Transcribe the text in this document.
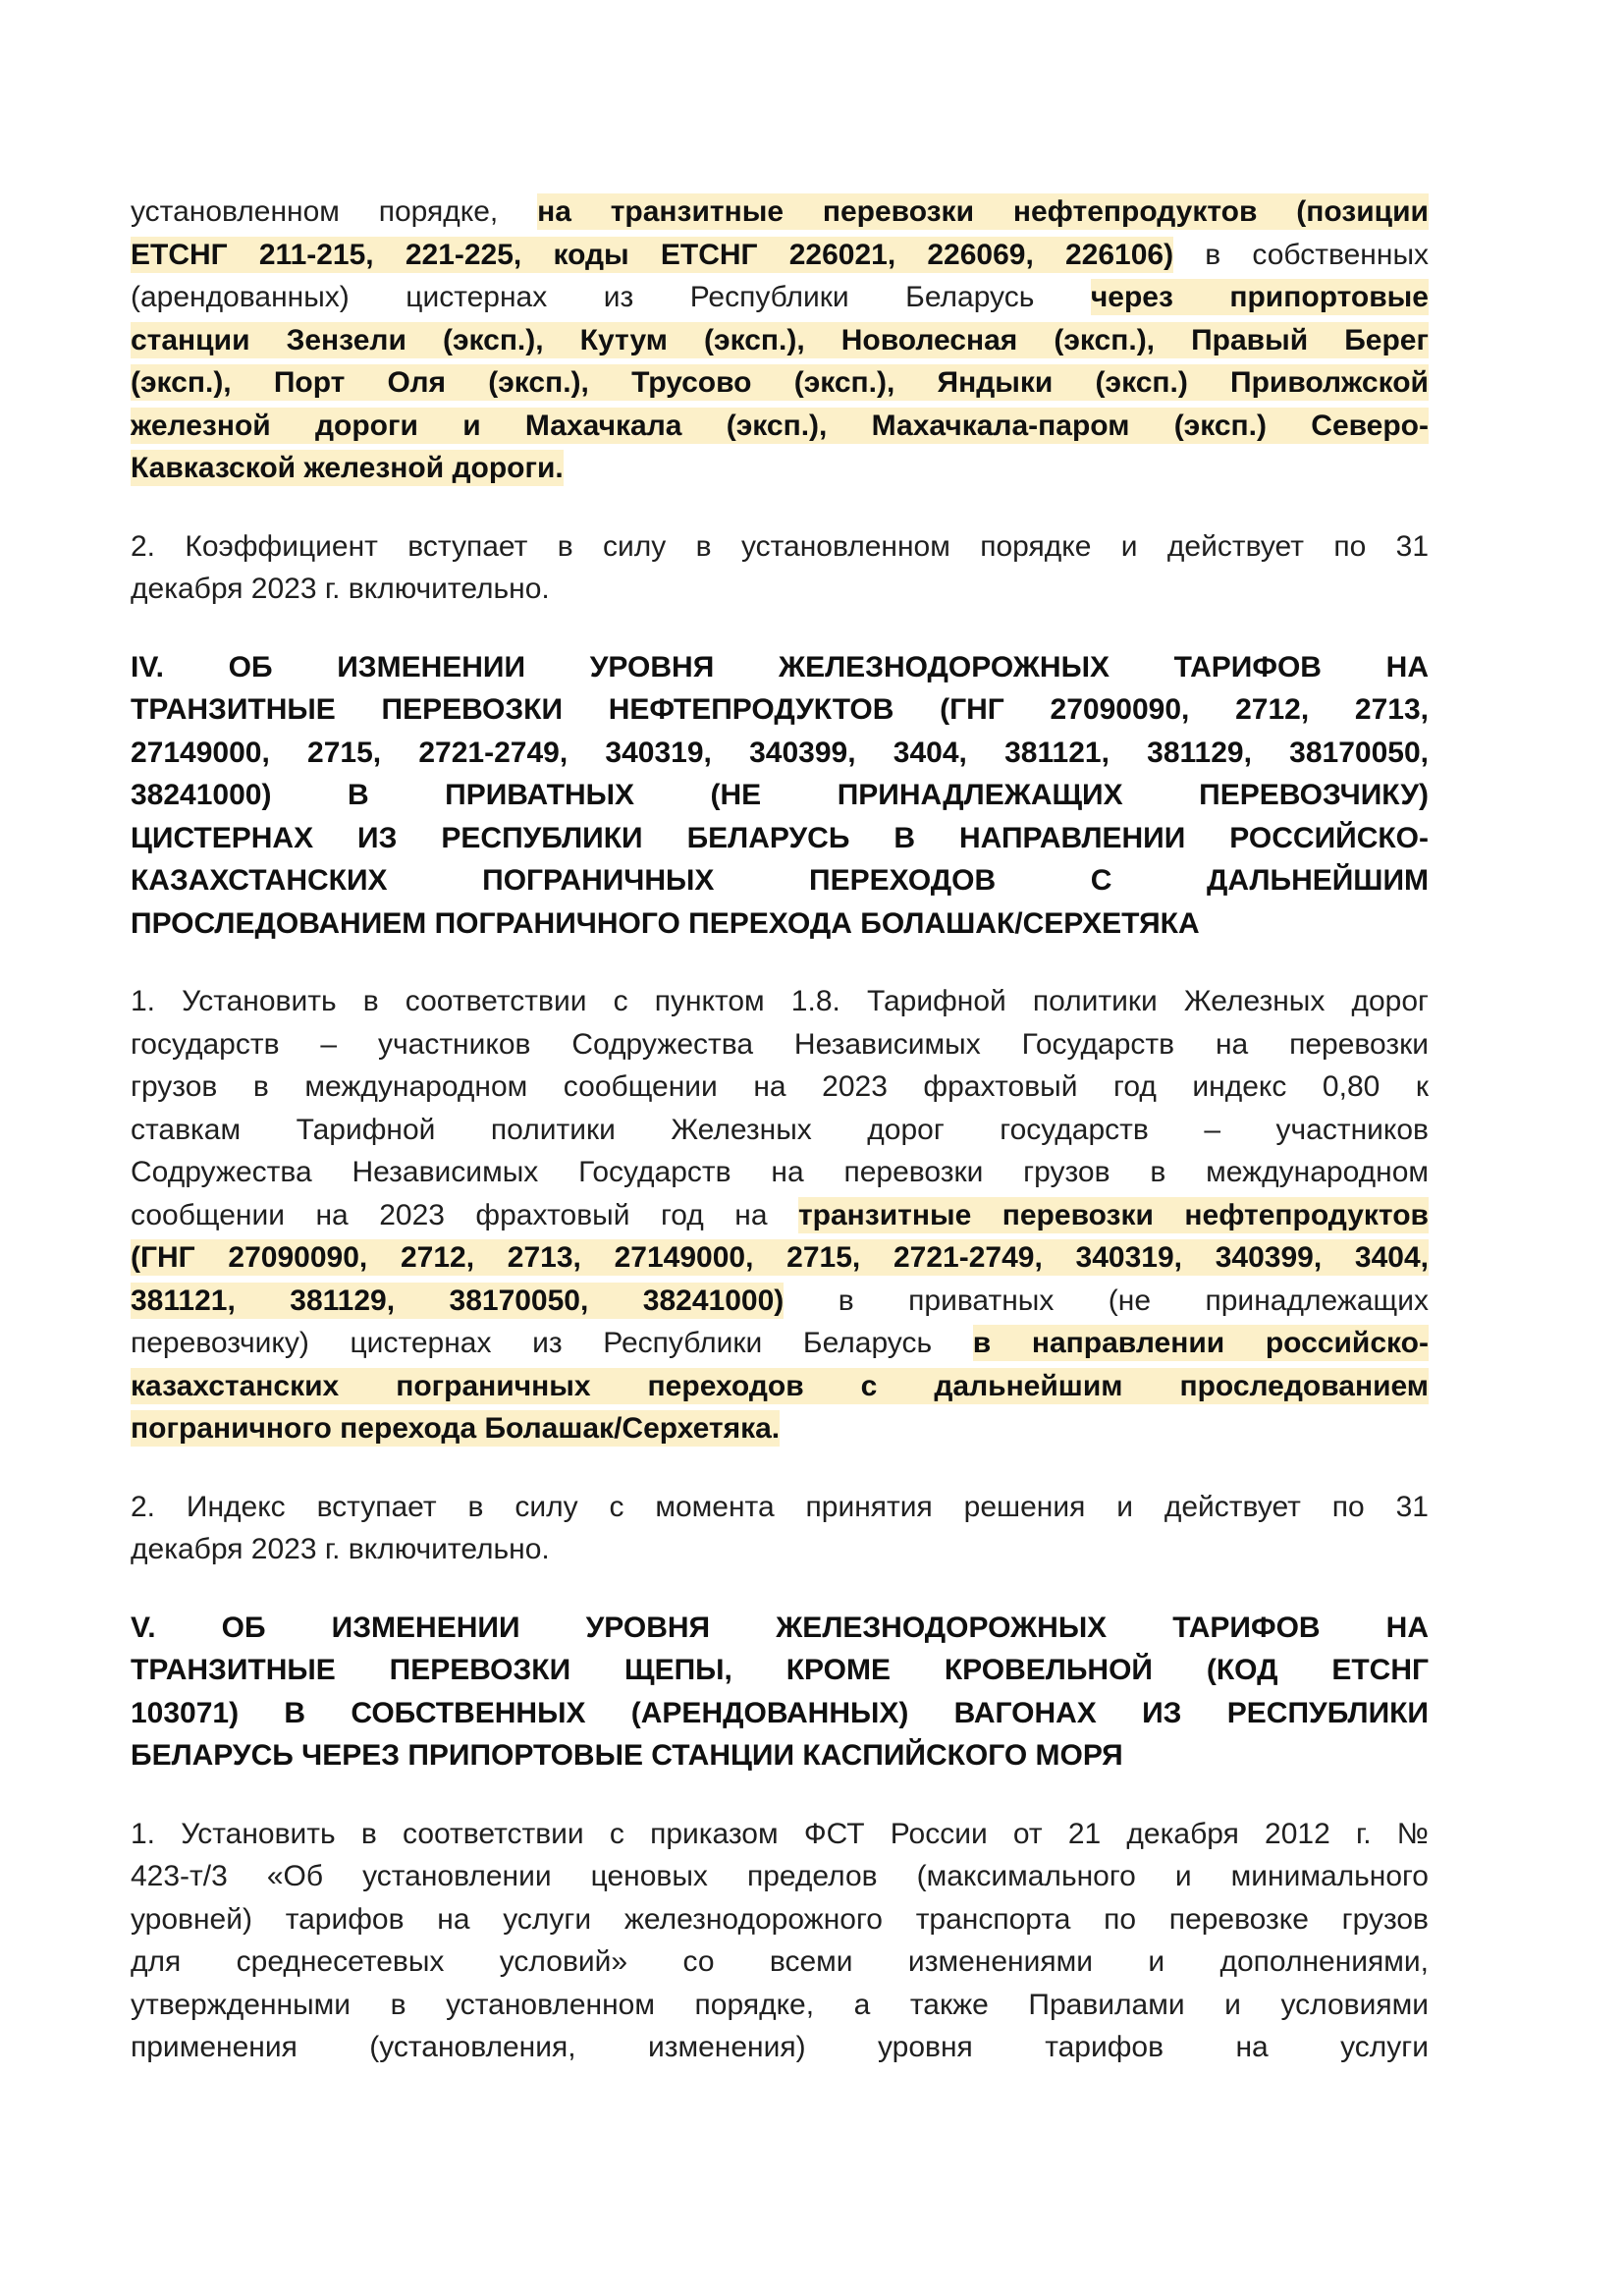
установленном порядке, на транзитные перевозки нефтепродуктов (позиции
ЕТСНГ 211-215, 221-225, коды ЕТСНГ 226021, 226069, 226106) в собственных
(арендованных) цистернах из Республики Беларусь через припортовые
станции Зензели (эксп.), Кутум (эксп.), Новолесная (эксп.), Правый Берег
(эксп.), Порт Оля (эксп.), Трусово (эксп.), Яндыки (эксп.) Приволжской
железной дороги и Махачкала (эксп.), Махачкала-паром (эксп.) Северо-
Кавказской железной дороги.
2. Коэффициент вступает в силу в установленном порядке и действует по 31
декабря 2023 г. включительно.
IV. ОБ ИЗМЕНЕНИИ УРОВНЯ ЖЕЛЕЗНОДОРОЖНЫХ ТАРИФОВ НА
ТРАНЗИТНЫЕ ПЕРЕВОЗКИ НЕФТЕПРОДУКТОВ (ГНГ 27090090, 2712, 2713,
27149000, 2715, 2721-2749, 340319, 340399, 3404, 381121, 381129, 38170050,
38241000) В ПРИВАТНЫХ (НЕ ПРИНАДЛЕЖАЩИХ ПЕРЕВОЗЧИКУ)
ЦИСТЕРНАХ ИЗ РЕСПУБЛИКИ БЕЛАРУСЬ В НАПРАВЛЕНИИ РОССИЙСКО-
КАЗАХСТАНСКИХ ПОГРАНИЧНЫХ ПЕРЕХОДОВ С ДАЛЬНЕЙШИМ
ПРОСЛЕДОВАНИЕМ ПОГРАНИЧНОГО ПЕРЕХОДА БОЛАШАК/СЕРХЕТЯКА
1. Установить в соответствии с пунктом 1.8. Тарифной политики Железных дорог
государств – участников Содружества Независимых Государств на перевозки
грузов в международном сообщении на 2023 фрахтовый год индекс 0,80 к
ставкам Тарифной политики Железных дорог государств – участников
Содружества Независимых Государств на перевозки грузов в международном
сообщении на 2023 фрахтовый год на транзитные перевозки нефтепродуктов
(ГНГ 27090090, 2712, 2713, 27149000, 2715, 2721-2749, 340319, 340399, 3404,
381121, 381129, 38170050, 38241000) в приватных (не принадлежащих
перевозчику) цистернах из Республики Беларусь в направлении российско-
казахстанских пограничных переходов с дальнейшим проследованием
пограничного перехода Болашак/Серхетяка.
2. Индекс вступает в силу с момента принятия решения и действует по 31
декабря 2023 г. включительно.
V. ОБ ИЗМЕНЕНИИ УРОВНЯ ЖЕЛЕЗНОДОРОЖНЫХ ТАРИФОВ НА
ТРАНЗИТНЫЕ ПЕРЕВОЗКИ ЩЕПЫ, КРОМЕ КРОВЕЛЬНОЙ (КОД ЕТСНГ
103071) В СОБСТВЕННЫХ (АРЕНДОВАННЫХ) ВАГОНАХ ИЗ РЕСПУБЛИКИ
БЕЛАРУСЬ ЧЕРЕЗ ПРИПОРТОВЫЕ СТАНЦИИ КАСПИЙСКОГО МОРЯ
1. Установить в соответствии с приказом ФСТ России от 21 декабря 2012 г. №
423-т/3 «Об установлении ценовых пределов (максимального и минимального
уровней) тарифов на услуги железнодорожного транспорта по перевозке грузов
для среднесетевых условий» со всеми изменениями и дополнениями,
утвержденными в установленном порядке, а также Правилами и условиями
применения (установления, изменения) уровня тарифов на услуги
